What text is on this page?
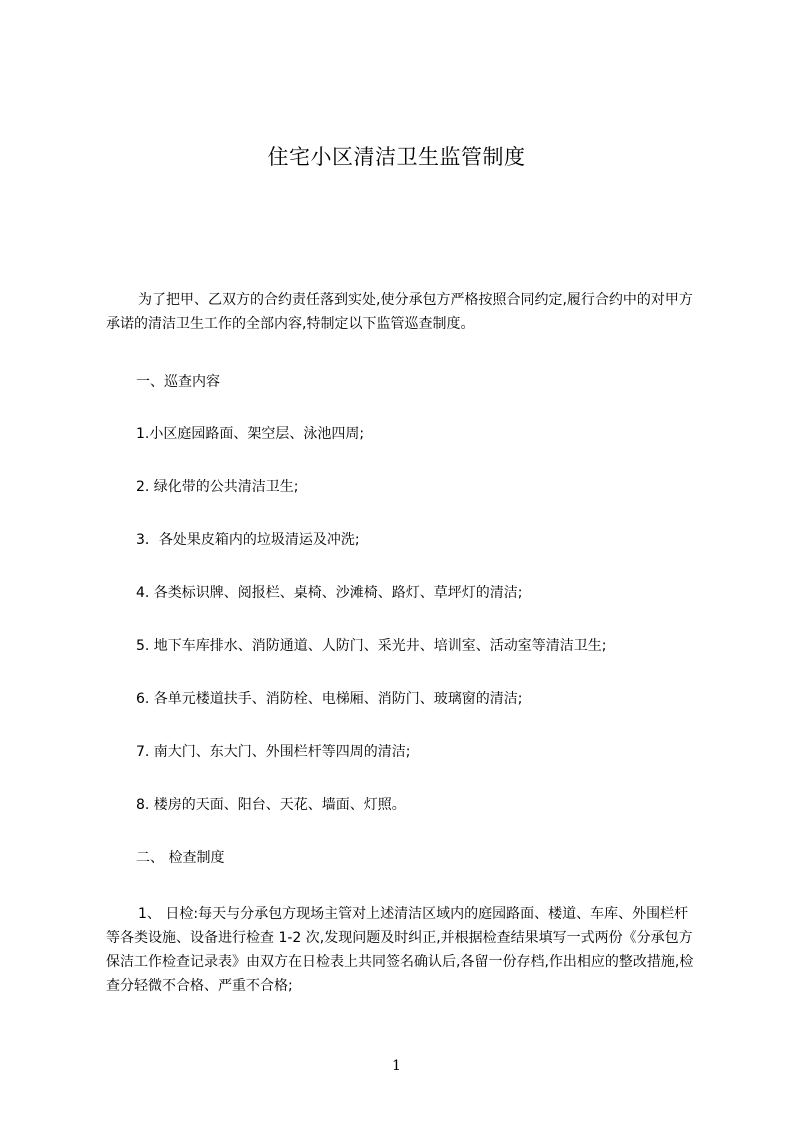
住宅小区清洁卫生监管制度
为了把甲、乙双方的合约责任落到实处,使分承包方严格按照合同约定,履行合约中的对甲方承诺的清洁卫生工作的全部内容,特制定以下监管巡查制度。
一、巡查内容
1.小区庭园路面、架空层、泳池四周;
2. 绿化带的公共清洁卫生;
3．各处果皮箱内的垃圾清运及冲洗;
4. 各类标识牌、阅报栏、桌椅、沙滩椅、路灯、草坪灯的清洁;
5. 地下车库排水、消防通道、人防门、采光井、培训室、活动室等清洁卫生;
6. 各单元楼道扶手、消防栓、电梯厢、消防门、玻璃窗的清洁;
7. 南大门、东大门、外围栏杆等四周的清洁;
8. 楼房的天面、阳台、天花、墙面、灯照。
二、 检查制度
1、 日检:每天与分承包方现场主管对上述清洁区域内的庭园路面、楼道、车库、外围栏杆等各类设施、设备进行检查 1-2 次,发现问题及时纠正,并根据检查结果填写一式两份《分承包方保洁工作检查记录表》由双方在日检表上共同签名确认后,各留一份存档,作出相应的整改措施,检查分轻微不合格、严重不合格;
1
